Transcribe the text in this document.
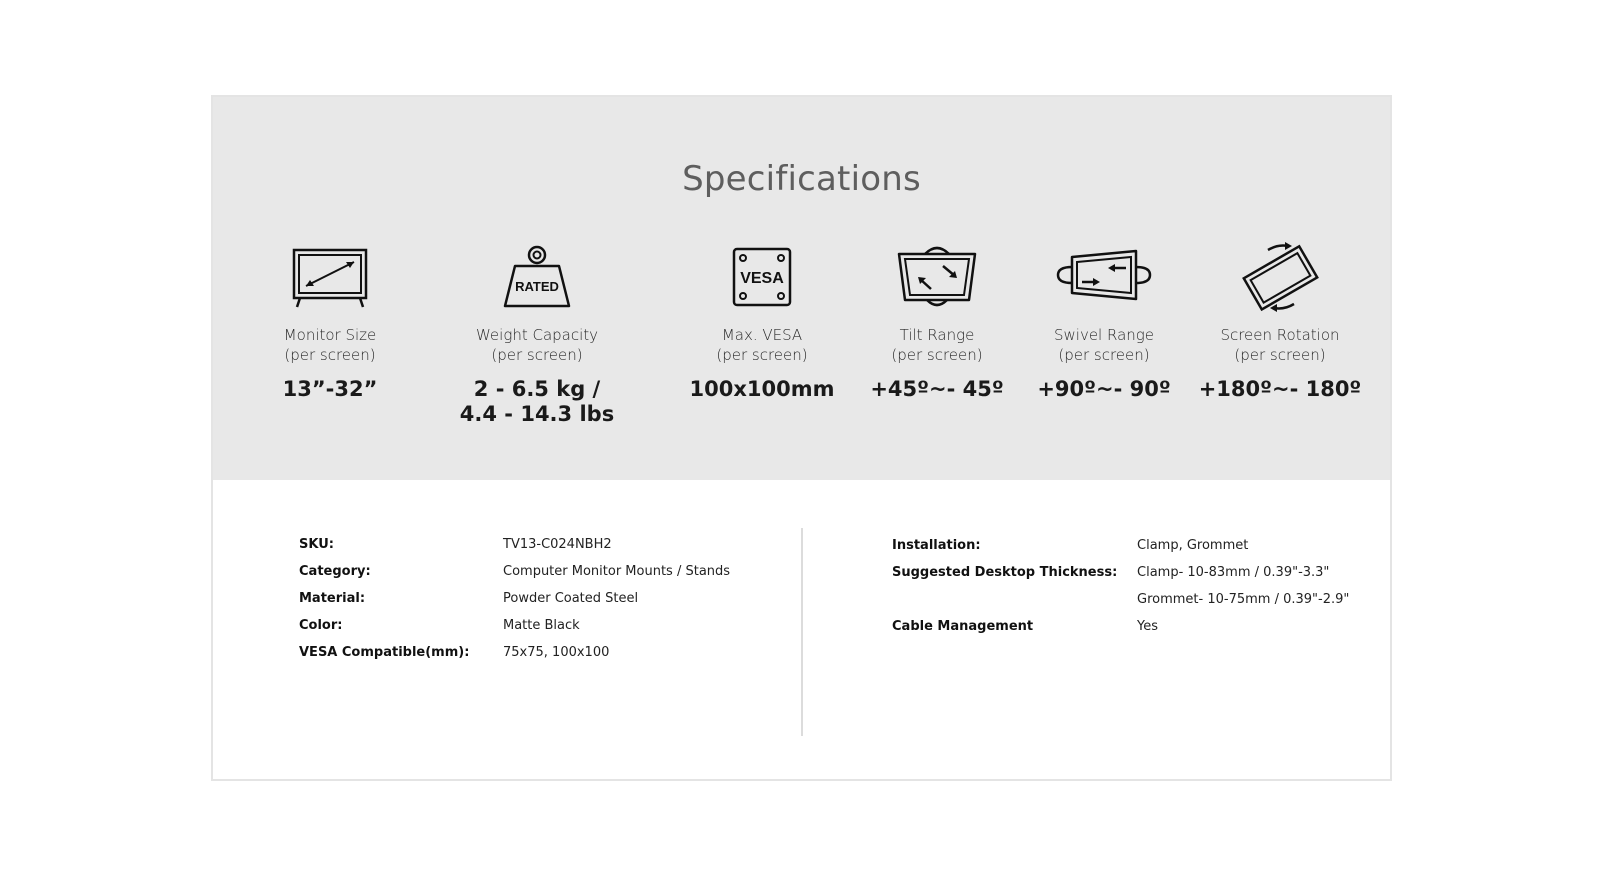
Specifications
Monitor Size
(per screen)
13”-32”
RATED
Weight Capacity
(per screen)
2 - 6.5 kg /
4.4 - 14.3 lbs
VESA
Max. VESA
(per screen)
100x100mm
Tilt Range
(per screen)
+45º~- 45º
Swivel Range
(per screen)
+90º~- 90º
Screen Rotation
(per screen)
+180º~- 180º
SKU:	TV13-C024NBH2
Category:	Computer Monitor Mounts / Stands
Material:	Powder Coated Steel
Color:	Matte Black
VESA Compatible(mm):	75x75, 100x100
Installation:	Clamp, Grommet
Suggested Desktop Thickness: Clamp- 10-83mm / 0.39"-3.3"
Grommet- 10-75mm / 0.39"-2.9"
Cable Management	Yes
